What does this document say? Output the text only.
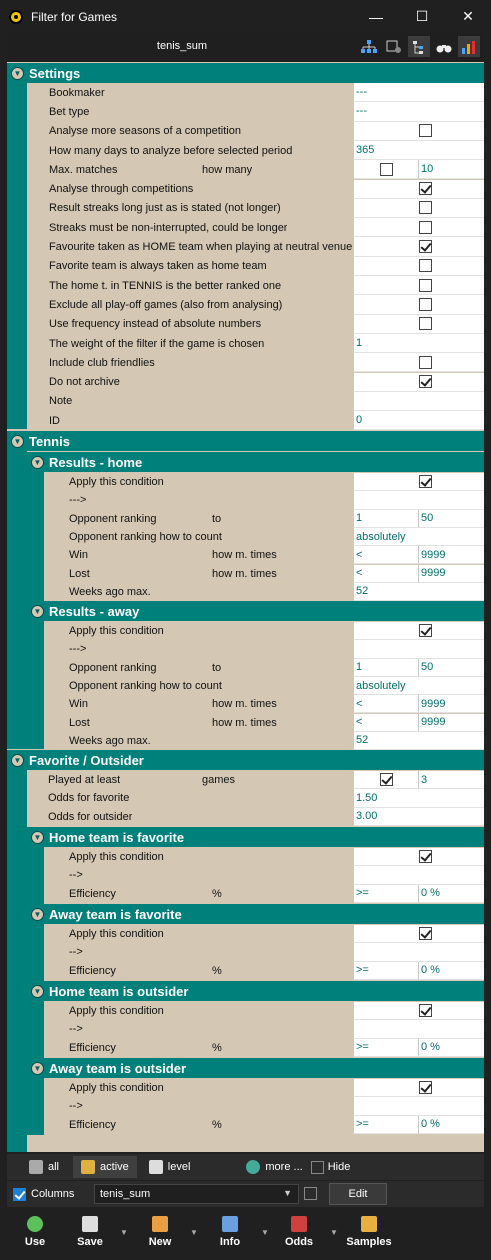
Filter for Games	—	☐	✕
tenis_sum
▼ Settings
Bookmaker	---
Bet type	---
Analyse more seasons of a competition
How many days to analyze before selected period	365
Max. matches	how many	10
Analyse through competitions
Result streaks long just as is stated (not longer)
Streaks must be non-interrupted, could be longer
Favourite taken as HOME team when playing at neutral venue
Favorite team is always taken as home team
The home t. in TENNIS is the better ranked one
Exclude all play-off games (also from analysing)
Use frequency instead of absolute numbers
The weight of the filter if the game is chosen	1
Include club friendlies
Do not archive
Note
ID	0
▼ Tennis
▼ Results - home
Apply this condition
--->
Opponent ranking	to	1	50
Opponent ranking how to count	absolutely
Win	how m. times	<	9999
Lost	how m. times	<	9999
Weeks ago max.	52
▼ Results - away
Apply this condition
--->
Opponent ranking	to	1	50
Opponent ranking how to count	absolutely
Win	how m. times	<	9999
Lost	how m. times	<	9999
Weeks ago max.	52
▼ Favorite / Outsider
Played at least	games	3
Odds for favorite	1.50
Odds for outsider	3.00
▼ Home team is favorite
Apply this condition
-->
Efficiency	%	>=	0 %
▼ Away team is favorite
Apply this condition
-->
Efficiency	%	>=	0 %
▼ Home team is outsider
Apply this condition
-->
Efficiency	%	>=	0 %
▼ Away team is outsider
Apply this condition
-->
Efficiency	%	>=	0 %
all	active	level	more ... Hide
Columns tenis_sum	▼	Edit
Use	Save
▼
New
▼
Info
▼
Odds
▼
Samples
